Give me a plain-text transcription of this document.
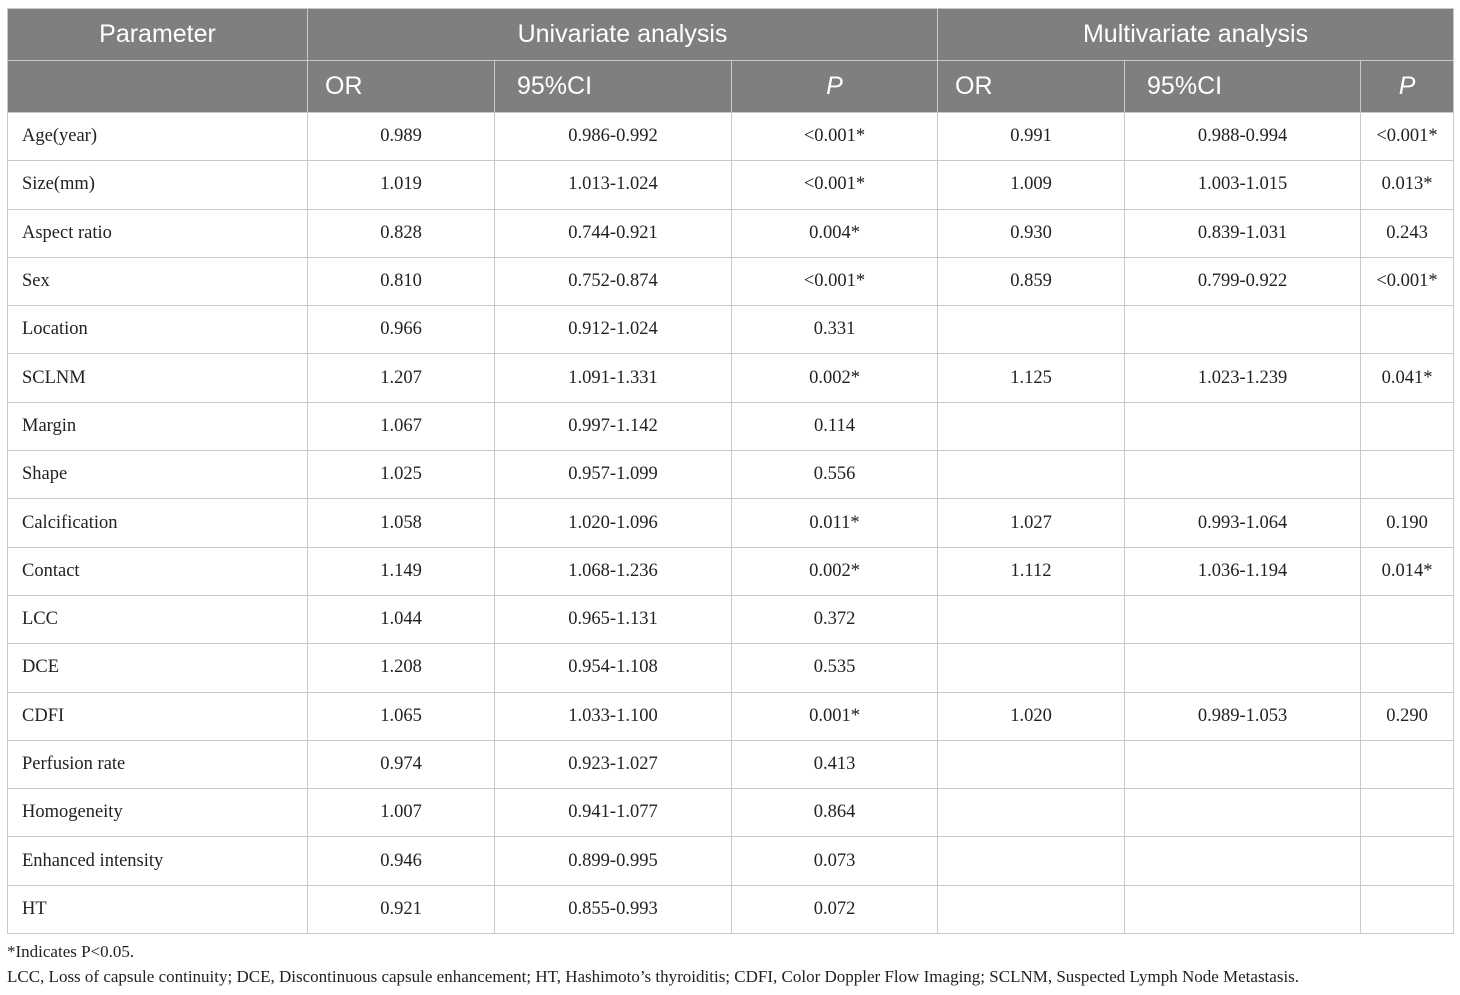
Parameter	Univariate analysis			Multivariate analysis		
	OR	95%CI	P	OR	95%CI	P
Age(year)	0.989	0.986-0.992	<0.001*	0.991	0.988-0.994	<0.001*
Size(mm)	1.019	1.013-1.024	<0.001*	1.009	1.003-1.015	0.013*
Aspect ratio	0.828	0.744-0.921	0.004*	0.930	0.839-1.031	0.243
Sex	0.810	0.752-0.874	<0.001*	0.859	0.799-0.922	<0.001*
Location	0.966	0.912-1.024	0.331			
SCLNM	1.207	1.091-1.331	0.002*	1.125	1.023-1.239	0.041*
Margin	1.067	0.997-1.142	0.114			
Shape	1.025	0.957-1.099	0.556			
Calcification	1.058	1.020-1.096	0.011*	1.027	0.993-1.064	0.190
Contact	1.149	1.068-1.236	0.002*	1.112	1.036-1.194	0.014*
LCC	1.044	0.965-1.131	0.372			
DCE	1.208	0.954-1.108	0.535			
CDFI	1.065	1.033-1.100	0.001*	1.020	0.989-1.053	0.290
Perfusion rate	0.974	0.923-1.027	0.413			
Homogeneity	1.007	0.941-1.077	0.864			
Enhanced intensity	0.946	0.899-0.995	0.073			
HT	0.921	0.855-0.993	0.072			
*Indicates P<0.05.
LCC, Loss of capsule continuity; DCE, Discontinuous capsule enhancement; HT, Hashimoto’s thyroiditis; CDFI, Color Doppler Flow Imaging; SCLNM, Suspected Lymph Node Metastasis.
